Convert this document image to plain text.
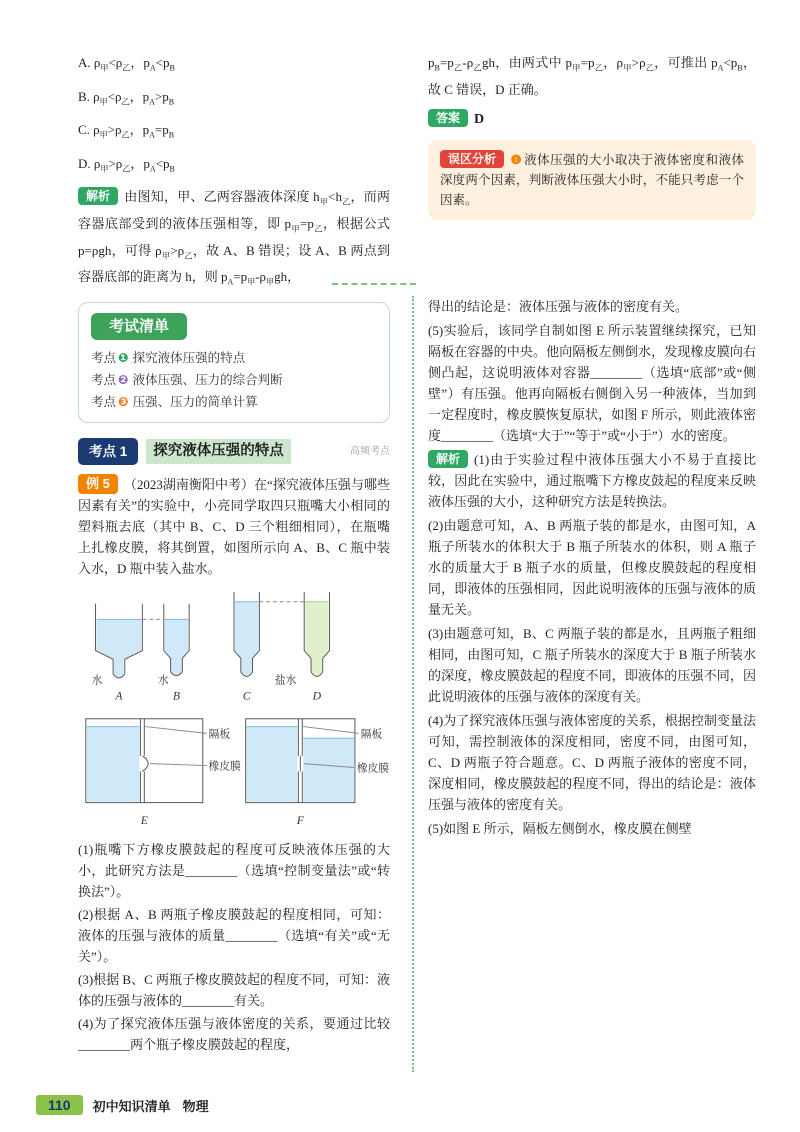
A. $\rho_甲<\rho_乙$，$p_A<p_B$

B. $\rho_甲<\rho_乙$，$p_A>p_B$

C. $\rho_甲>\rho_乙$，$p_A=p_B$

D. $\rho_甲>\rho_乙$，$p_A<p_B$

解析 由图知，甲、乙两容器液体深度 $h_甲<h_乙$，而两容器底部受到的液体压强相等，即 $p_甲=p_乙$，根据公式 p=ρgh，可得 $\rho_甲>\rho_乙$，故 A、B 错误；设 A、B 两点到容器底部的距离为 h，则 $p_A=p_甲-\rho_甲gh$，

$p_B=p_乙-\rho_乙gh$，由两式中 $p_甲=p_乙$，$\rho_甲>\rho_乙$，可推出 $p_A<p_B$，故 C 错误，D 正确。

答案 D

误区分析 ❶ 液体压强的大小取决于液体密度和液体深度两个因素，判断液体压强大小时，不能只考虑一个因素。
考试清单
考点 ❶ 探究液体压强的特点
考点 ❷ 液体压强、压力的综合判断
考点 ❸ 压强、压力的简单计算
考点 1	探究液体压强的特点	高频考点

例 5 （2023湖南衡阳中考）在“探究液体压强与哪些因素有关”的实验中，小亮同学取四只瓶嘴大小相同的塑料瓶去底（其中 B、C、D 三个粗细相同），在瓶嘴上扎橡皮膜，将其倒置，如图所示向 A、B、C 瓶中装入水，D 瓶中装入盐水。

水	水	盐水
A	B	C	D
隔板
橡皮膜
隔板
橡皮膜
E	F

(1)瓶嘴下方橡皮膜鼓起的程度可反映液体压强的大小，此研究方法是________（选填“控制变量法”或“转换法”）。

(2)根据 A、B 两瓶子橡皮膜鼓起的程度相同，可知：液体的压强与液体的质量________（选填“有关”或“无关”）。

(3)根据 B、C 两瓶子橡皮膜鼓起的程度不同，可知：液体的压强与液体的________有关。

(4)为了探究液体压强与液体密度的关系，要通过比较________两个瓶子橡皮膜鼓起的程度，

得出的结论是：液体压强与液体的密度有关。

(5)实验后，该同学自制如图 E 所示装置继续探究，已知隔板在容器的中央。他向隔板左侧倒水，发现橡皮膜向右侧凸起，这说明液体对容器________（选填“底部”或“侧壁”）有压强。他再向隔板右侧倒入另一种液体，当加到一定程度时，橡皮膜恢复原状，如图 F 所示，则此液体密度________（选填“大于”“等于”或“小于”）水的密度。

解析 (1)由于实验过程中液体压强大小不易于直接比较，因此在实验中，通过瓶嘴下方橡皮鼓起的程度来反映液体压强的大小，这种研究方法是转换法。

(2)由题意可知，A、B 两瓶子装的都是水，由图可知，A 瓶子所装水的体积大于 B 瓶子所装水的体积，则 A 瓶子水的质量大于 B 瓶子水的质量，但橡皮膜鼓起的程度相同，即液体的压强相同，因此说明液体的压强与液体的质量无关。

(3)由题意可知，B、C 两瓶子装的都是水，且两瓶子粗细相同，由图可知，C 瓶子所装水的深度大于 B 瓶子所装水的深度，橡皮膜鼓起的程度不同，即液体的压强不同，因此说明液体的压强与液体的深度有关。

(4)为了探究液体压强与液体密度的关系，根据控制变量法可知，需控制液体的深度相同，密度不同，由图可知，C、D 两瓶子符合题意。C、D 两瓶子液体的密度不同，深度相同，橡皮膜鼓起的程度不同，得出的结论是：液体压强与液体的密度有关。

(5)如图 E 所示，隔板左侧倒水，橡皮膜在侧壁

110	初中知识清单 物理
